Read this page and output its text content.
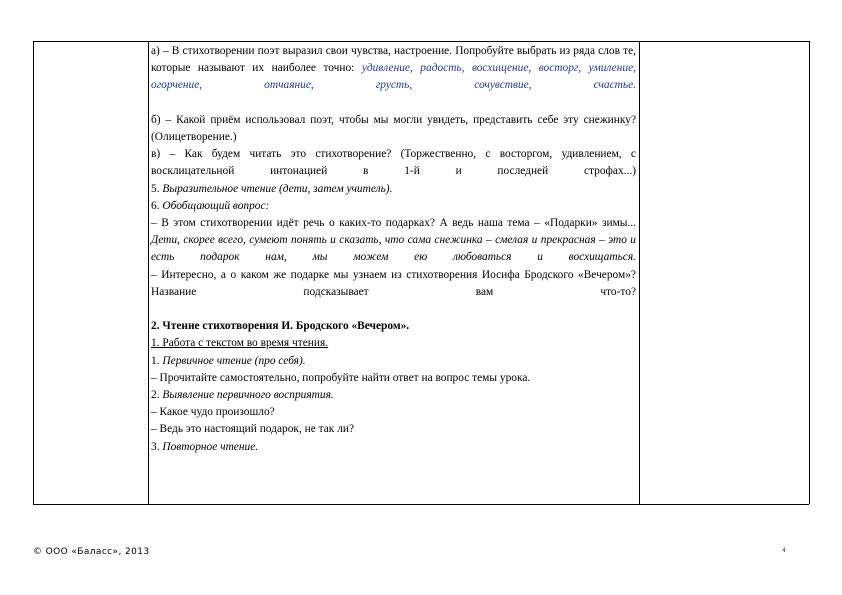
а) – В стихотворении поэт выразил свои чувства, настроение. Попробуйте выбрать из ряда слов те, которые называют их наиболее точно: удивление, радость, восхищение, восторг, умиление, огорчение, отчаяние, грусть, сочувствие, счастье.

б) – Какой приём использовал поэт, чтобы мы могли увидеть, представить себе эту снежинку? (Олицетворение.)

в) – Как будем читать это стихотворение? (Торжественно, с восторгом, удивлением, с восклицательной интонацией в 1-й и последней строфах...)

5. Выразительное чтение (дети, затем учитель).

6. Обобщающий вопрос:

– В этом стихотворении идёт речь о каких-то подарках? А ведь наша тема – «Подарки» зимы...

Дети, скорее всего, сумеют понять и сказать, что сама снежинка – смелая и прекрасная – это и есть подарок нам, мы можем ею любоваться и восхищаться.

– Интересно, а о каком же подарке мы узнаем из стихотворения Иосифа Бродского «Вечером»? Название подсказывает вам что-то?

2. Чтение стихотворения И. Бродского «Вечером».

1. Работа с текстом во время чтения.

1. Первичное чтение (про себя).

– Прочитайте самостоятельно, попробуйте найти ответ на вопрос темы урока.

2. Выявление первичного восприятия.

– Какое чудо произошло?

– Ведь это настоящий подарок, не так ли?

3. Повторное чтение.

© ООО «Баласс», 2013	4
